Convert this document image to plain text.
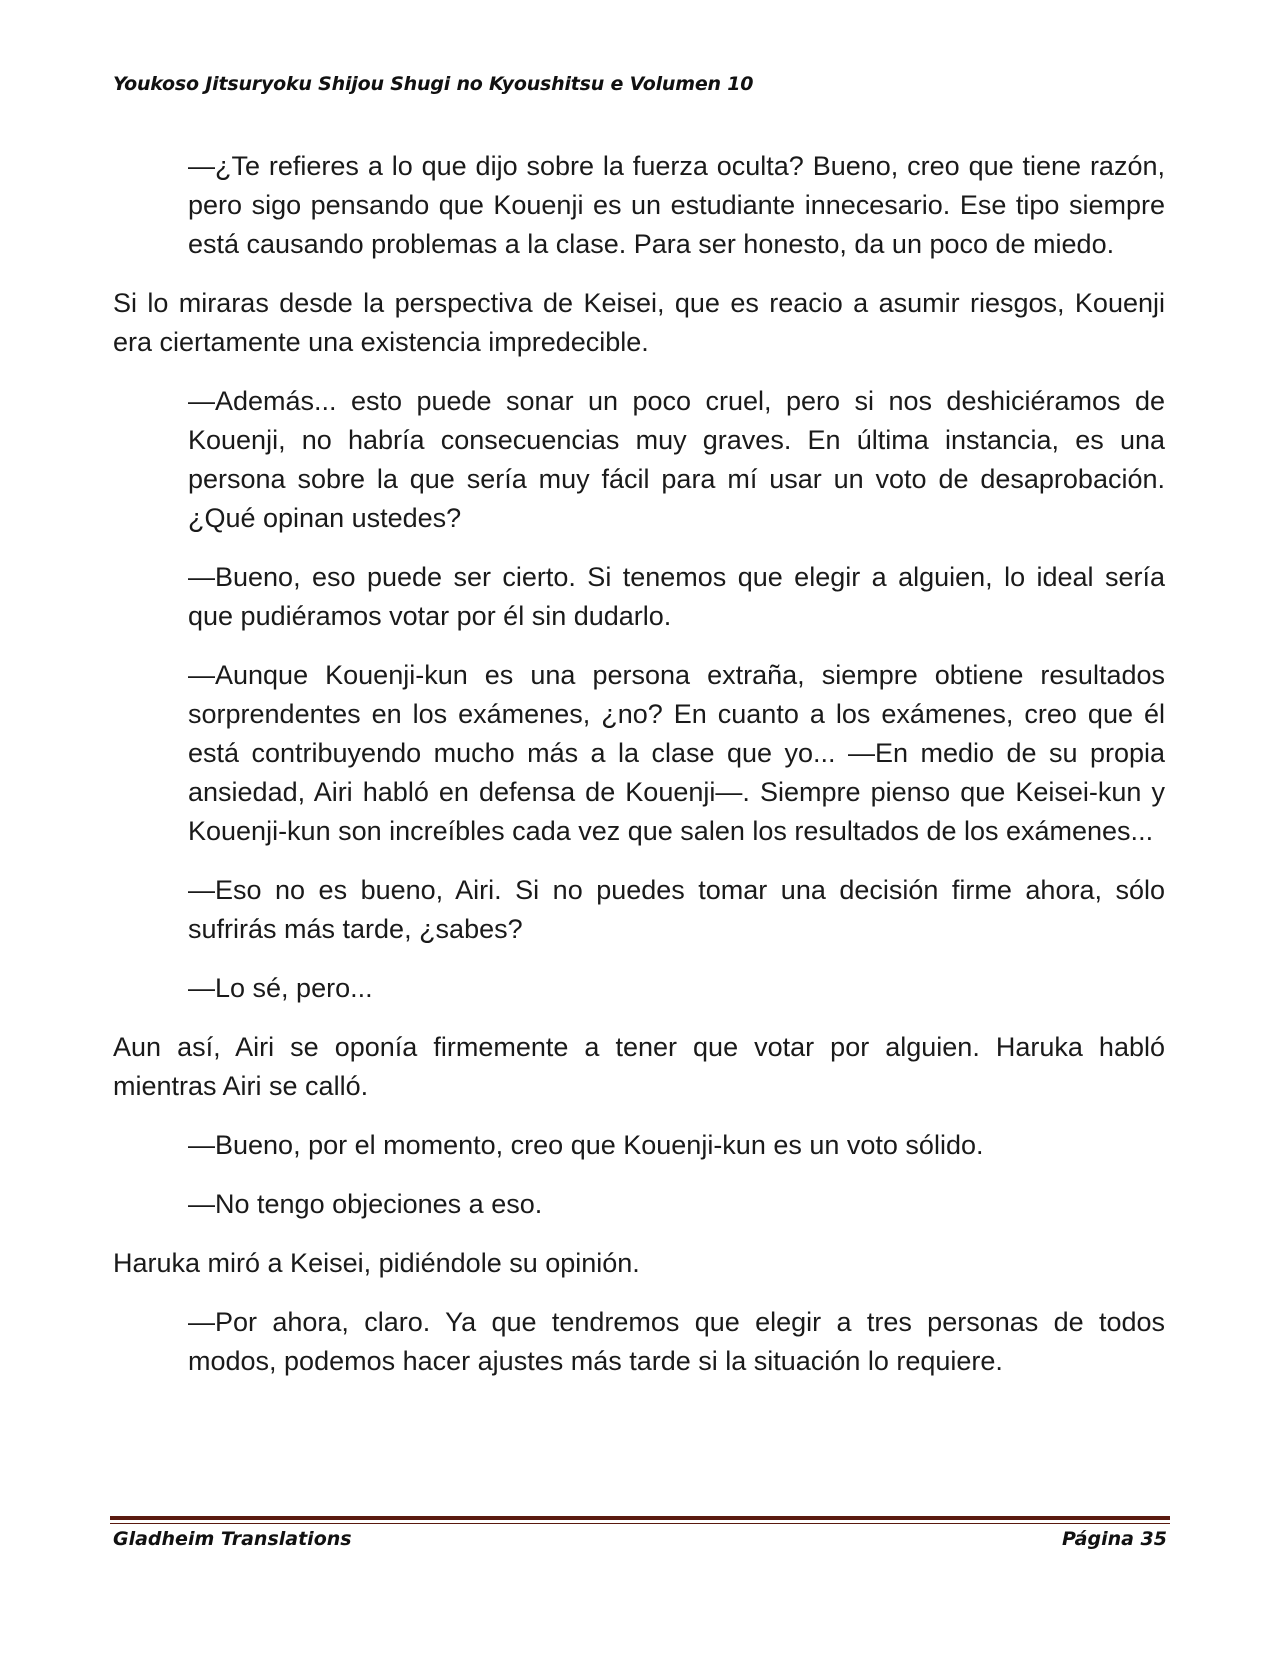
Youkoso Jitsuryoku Shijou Shugi no Kyoushitsu e Volumen 10

—¿Te refieres a lo que dijo sobre la fuerza oculta? Bueno, creo que tiene razón, pero sigo pensando que Kouenji es un estudiante innecesario. Ese tipo siempre está causando problemas a la clase. Para ser honesto, da un poco de miedo.

Si lo miraras desde la perspectiva de Keisei, que es reacio a asumir riesgos, Kouenji era ciertamente una existencia impredecible.

—Además... esto puede sonar un poco cruel, pero si nos deshiciéramos de Kouenji, no habría consecuencias muy graves. En última instancia, es una persona sobre la que sería muy fácil para mí usar un voto de desaprobación. ¿Qué opinan ustedes?

—Bueno, eso puede ser cierto. Si tenemos que elegir a alguien, lo ideal sería que pudiéramos votar por él sin dudarlo.

—Aunque Kouenji-kun es una persona extraña, siempre obtiene resultados sorprendentes en los exámenes, ¿no? En cuanto a los exámenes, creo que él está contribuyendo mucho más a la clase que yo... —En medio de su propia ansiedad, Airi habló en defensa de Kouenji—. Siempre pienso que Keisei-kun y Kouenji-kun son increíbles cada vez que salen los resultados de los exámenes...

—Eso no es bueno, Airi. Si no puedes tomar una decisión firme ahora, sólo sufrirás más tarde, ¿sabes?

—Lo sé, pero...

Aun así, Airi se oponía firmemente a tener que votar por alguien. Haruka habló mientras Airi se calló.

—Bueno, por el momento, creo que Kouenji-kun es un voto sólido.

—No tengo objeciones a eso.

Haruka miró a Keisei, pidiéndole su opinión.

—Por ahora, claro. Ya que tendremos que elegir a tres personas de todos modos, podemos hacer ajustes más tarde si la situación lo requiere.

Gladheim Translations	Página 35
